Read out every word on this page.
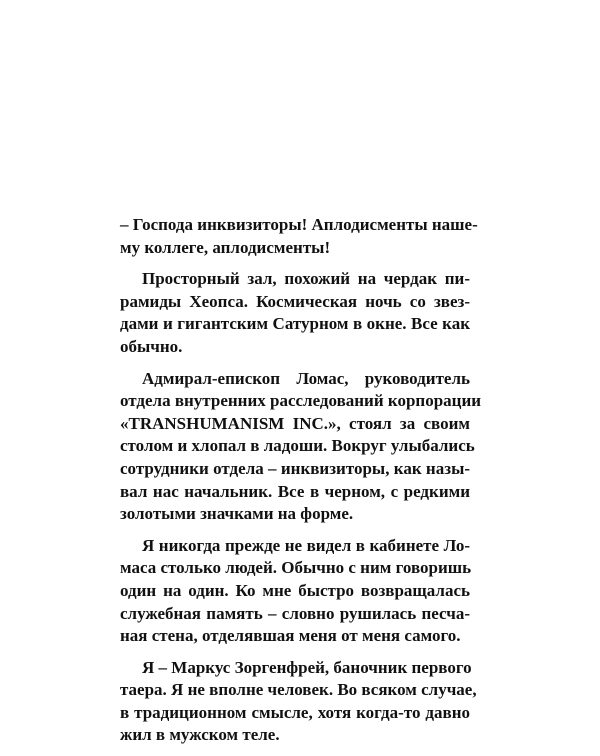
– Господа инквизиторы! Аплодисменты наше-
му коллеге, аплодисменты!
Просторный зал, похожий на чердак пи-
рамиды Хеопса. Космическая ночь со звез-
дами и гигантским Сатурном в окне. Все как
обычно.
Адмирал-епископ Ломас, руководитель
отдела внутренних расследований корпорации
«TRANSHUMANISM INC.», стоял за своим
столом и хлопал в ладоши. Вокруг улыбались
сотрудники отдела – инквизиторы, как назы-
вал нас начальник. Все в черном, с редкими
золотыми значками на форме.
Я никогда прежде не видел в кабинете Ло-
маса столько людей. Обычно с ним говоришь
один на один. Ко мне быстро возвращалась
служебная память – словно рушилась песча-
ная стена, отделявшая меня от меня самого.
Я – Маркус Зоргенфрей, баночник первого
таера. Я не вполне человек. Во всяком случае,
в традиционном смысле, хотя когда-то давно
жил в мужском теле.
